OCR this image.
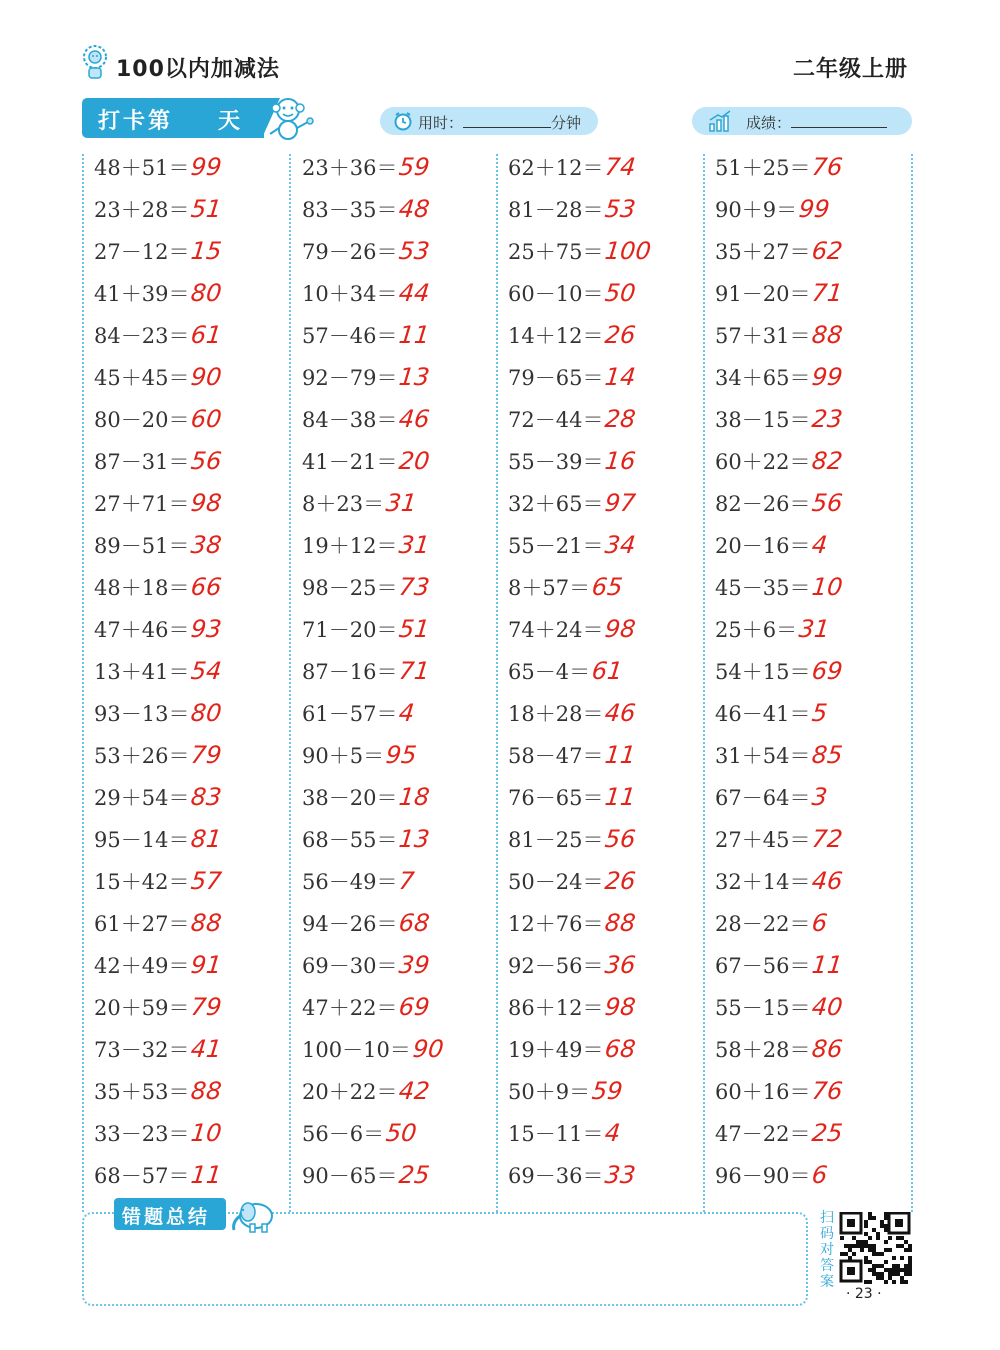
100以内加减法	二年级上册
打卡第 天	用时：	分钟	成绩：
48＋51＝ 99
23＋28＝ 51
27－12＝ 15
41＋39＝ 80
84－23＝ 61
45＋45＝ 90
80－20＝ 60
87－31＝ 56
27＋71＝ 98
89－51＝ 38
48＋18＝ 66
47＋46＝ 93
13＋41＝ 54
93－13＝ 80
53＋26＝ 79
29＋54＝ 83
95－14＝ 81
15＋42＝ 57
61＋27＝ 88
42＋49＝ 91
20＋59＝ 79
73－32＝ 41
35＋53＝ 88
33－23＝ 10
68－57＝ 11
23＋36＝ 59
83－35＝ 48
79－26＝ 53
10＋34＝ 44
57－46＝ 11
92－79＝ 13
84－38＝ 46
41－21＝ 20
8＋23＝ 31
19＋12＝ 31
98－25＝ 73
71－20＝ 51
87－16＝ 71
61－57＝ 4
90＋5＝ 95
38－20＝ 18
68－55＝ 13
56－49＝ 7
94－26＝ 68
69－30＝ 39
47＋22＝ 69
100－10＝ 90
20＋22＝ 42
56－6＝ 50
90－65＝ 25
62＋12＝ 74
81－28＝ 53
25＋75＝ 100
60－10＝ 50
14＋12＝ 26
79－65＝ 14
72－44＝ 28
55－39＝ 16
32＋65＝ 97
55－21＝ 34
8＋57＝ 65
74＋24＝ 98
65－4＝ 61
18＋28＝ 46
58－47＝ 11
76－65＝ 11
81－25＝ 56
50－24＝ 26
12＋76＝ 88
92－56＝ 36
86＋12＝ 98
19＋49＝ 68
50＋9＝ 59
15－11＝ 4
69－36＝ 33
51＋25＝ 76
90＋9＝ 99
35＋27＝ 62
91－20＝ 71
57＋31＝ 88
34＋65＝ 99
38－15＝ 23
60＋22＝ 82
82－26＝ 56
20－16＝ 4
45－35＝ 10
25＋6＝ 31
54＋15＝ 69
46－41＝ 5
31＋54＝ 85
67－64＝ 3
27＋45＝ 72
32＋14＝ 46
28－22＝ 6
67－56＝ 11
55－15＝ 40
58＋28＝ 86
60＋16＝ 76
47－22＝ 25
96－90＝ 6
错题总结	扫码对答案
· 23 ·
